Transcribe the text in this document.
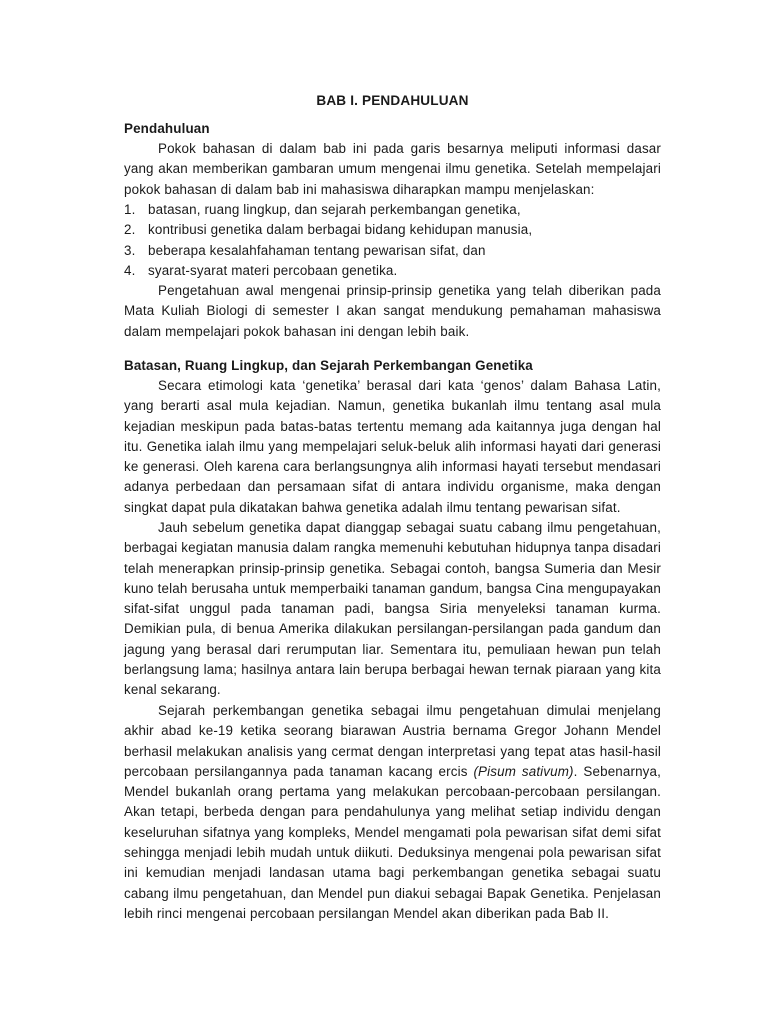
BAB I. PENDAHULUAN
Pendahuluan

Pokok bahasan di dalam bab ini pada garis besarnya meliputi informasi dasar yang akan memberikan gambaran umum mengenai ilmu genetika. Setelah mempelajari pokok bahasan di dalam bab ini mahasiswa diharapkan mampu menjelaskan:

1. batasan, ruang lingkup, dan sejarah perkembangan genetika,
2. kontribusi genetika dalam berbagai bidang kehidupan manusia,
3. beberapa kesalahfahaman tentang pewarisan sifat, dan
4. syarat-syarat materi percobaan genetika.

Pengetahuan awal mengenai prinsip-prinsip genetika yang telah diberikan pada Mata Kuliah Biologi di semester I akan sangat mendukung pemahaman mahasiswa dalam mempelajari pokok bahasan ini dengan lebih baik.

Batasan, Ruang Lingkup, dan Sejarah Perkembangan Genetika

Secara etimologi kata ‘genetika’ berasal dari kata ‘genos’ dalam Bahasa Latin, yang berarti asal mula kejadian. Namun, genetika bukanlah ilmu tentang asal mula kejadian meskipun pada batas-batas tertentu memang ada kaitannya juga dengan hal itu. Genetika ialah ilmu yang mempelajari seluk-beluk alih informasi hayati dari generasi ke generasi. Oleh karena cara berlangsungnya alih informasi hayati tersebut mendasari adanya perbedaan dan persamaan sifat di antara individu organisme, maka dengan singkat dapat pula dikatakan bahwa genetika adalah ilmu tentang pewarisan sifat.

Jauh sebelum genetika dapat dianggap sebagai suatu cabang ilmu pengetahuan, berbagai kegiatan manusia dalam rangka memenuhi kebutuhan hidupnya tanpa disadari telah menerapkan prinsip-prinsip genetika. Sebagai contoh, bangsa Sumeria dan Mesir kuno telah berusaha untuk memperbaiki tanaman gandum, bangsa Cina mengupayakan sifat-sifat unggul pada tanaman padi, bangsa Siria menyeleksi tanaman kurma. Demikian pula, di benua Amerika dilakukan persilangan-persilangan pada gandum dan jagung yang berasal dari rerumputan liar. Sementara itu, pemuliaan hewan pun telah berlangsung lama; hasilnya antara lain berupa berbagai hewan ternak piaraan yang kita kenal sekarang.

Sejarah perkembangan genetika sebagai ilmu pengetahuan dimulai menjelang akhir abad ke-19 ketika seorang biarawan Austria bernama Gregor Johann Mendel berhasil melakukan analisis yang cermat dengan interpretasi yang tepat atas hasil-hasil percobaan persilangannya pada tanaman kacang ercis (Pisum sativum). Sebenarnya, Mendel bukanlah orang pertama yang melakukan percobaan-percobaan persilangan. Akan tetapi, berbeda dengan para pendahulunya yang melihat setiap individu dengan keseluruhan sifatnya yang kompleks, Mendel mengamati pola pewarisan sifat demi sifat sehingga menjadi lebih mudah untuk diikuti. Deduksinya mengenai pola pewarisan sifat ini kemudian menjadi landasan utama bagi perkembangan genetika sebagai suatu cabang ilmu pengetahuan, dan Mendel pun diakui sebagai Bapak Genetika. Penjelasan lebih rinci mengenai percobaan persilangan Mendel akan diberikan pada Bab II.
